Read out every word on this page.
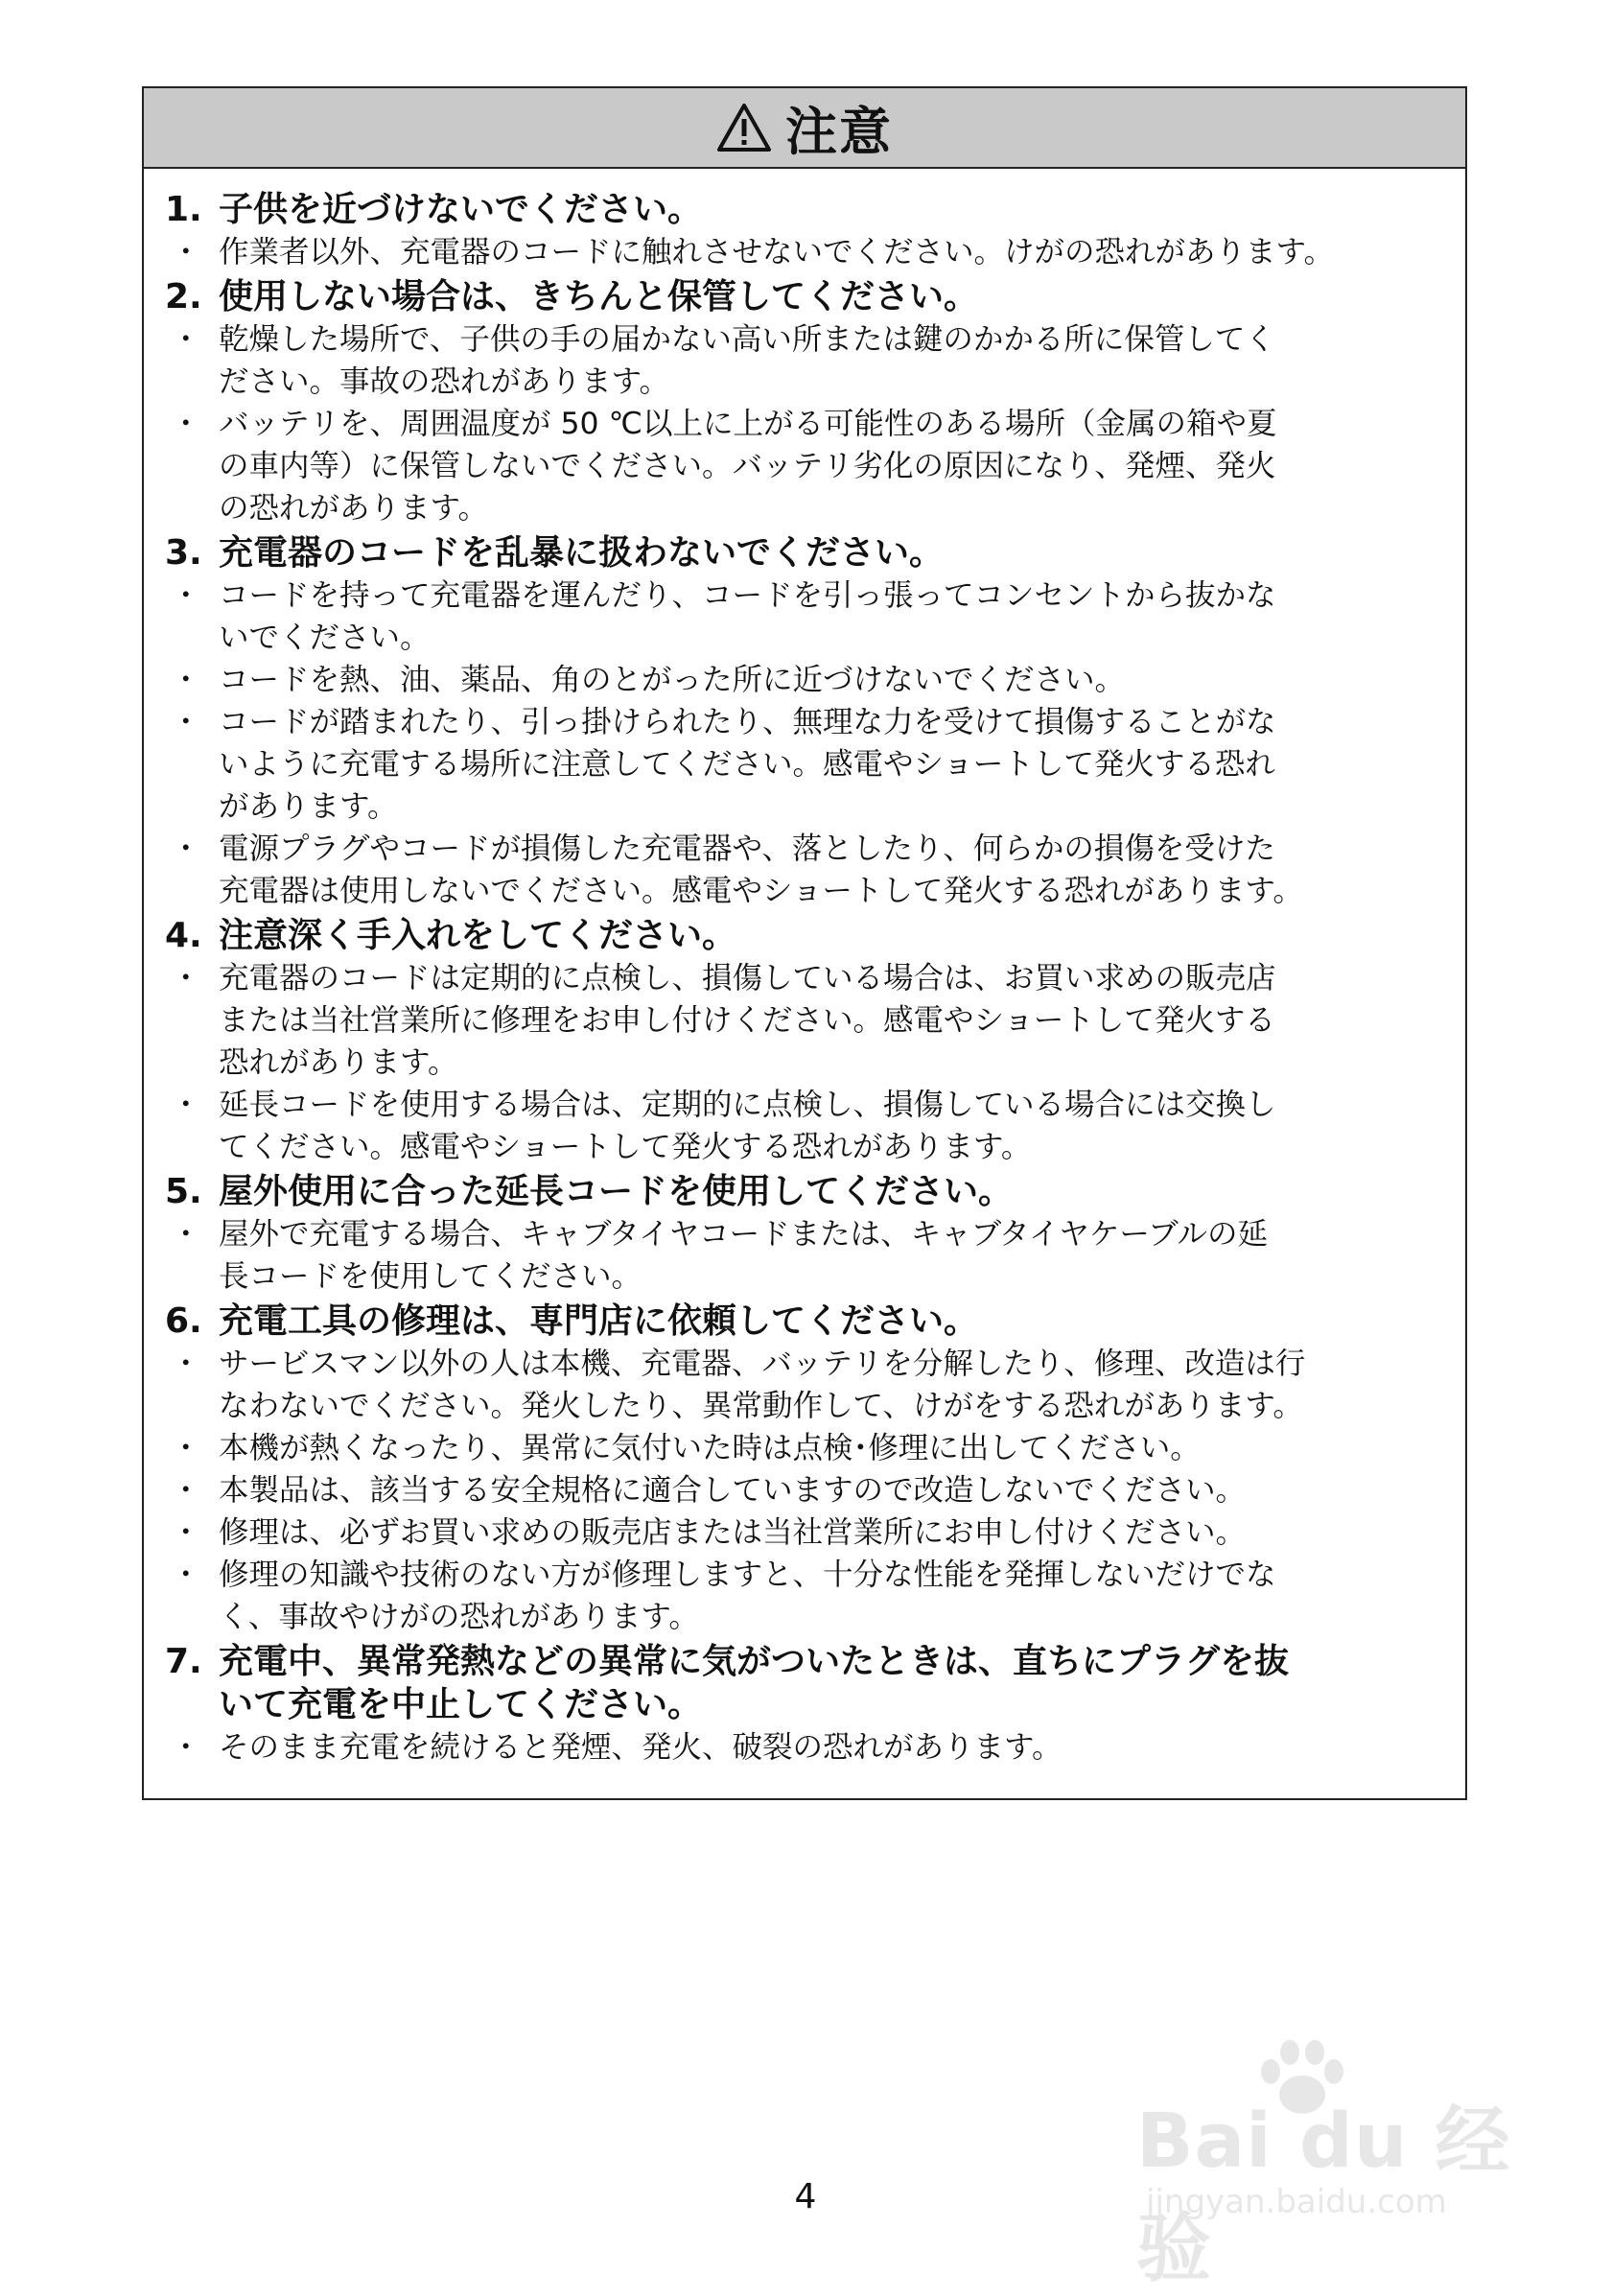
注意
1. 子供を近づけないでください。
・ 作業者以外、充電器のコードに触れさせないでください。けがの恐れがあります。
2. 使用しない場合は、きちんと保管してください。
・ 乾燥した場所で、子供の手の届かない高い所または鍵のかかる所に保管してく
ださい。事故の恐れがあります。
・ バッテリを、周囲温度が 50 ℃以上に上がる可能性のある場所（金属の箱や夏
の車内等）に保管しないでください。バッテリ劣化の原因になり、発煙、発火
の恐れがあります。
3. 充電器のコードを乱暴に扱わないでください。
・ コードを持って充電器を運んだり、コードを引っ張ってコンセントから抜かな
いでください。
・ コードを熱、油、薬品、角のとがった所に近づけないでください。
・ コードが踏まれたり、引っ掛けられたり、無理な力を受けて損傷することがな
いように充電する場所に注意してください。感電やショートして発火する恐れ
があります。
・ 電源プラグやコードが損傷した充電器や、落としたり、何らかの損傷を受けた
充電器は使用しないでください。感電やショートして発火する恐れがあります。
4. 注意深く手入れをしてください。
・ 充電器のコードは定期的に点検し、損傷している場合は、お買い求めの販売店
または当社営業所に修理をお申し付けください。感電やショートして発火する
恐れがあります。
・ 延長コードを使用する場合は、定期的に点検し、損傷している場合には交換し
てください。感電やショートして発火する恐れがあります。
5. 屋外使用に合った延長コードを使用してください。
・ 屋外で充電する場合、キャブタイヤコードまたは、キャブタイヤケーブルの延
長コードを使用してください。
6. 充電工具の修理は、専門店に依頼してください。
・ サービスマン以外の人は本機、充電器、バッテリを分解したり、修理、改造は行
なわないでください。発火したり、異常動作して、けがをする恐れがあります。
・ 本機が熱くなったり、異常に気付いた時は点検･修理に出してください。
・ 本製品は、該当する安全規格に適合していますので改造しないでください。
・ 修理は、必ずお買い求めの販売店または当社営業所にお申し付けください。
・ 修理の知識や技術のない方が修理しますと、十分な性能を発揮しないだけでな
く、事故やけがの恐れがあります。
7. 充電中、異常発熱などの異常に気がついたときは、直ちにプラグを抜
いて充電を中止してください。
・ そのまま充電を続けると発煙、発火、破裂の恐れがあります。
4
Bai du 经验
jingyan.baidu.com
